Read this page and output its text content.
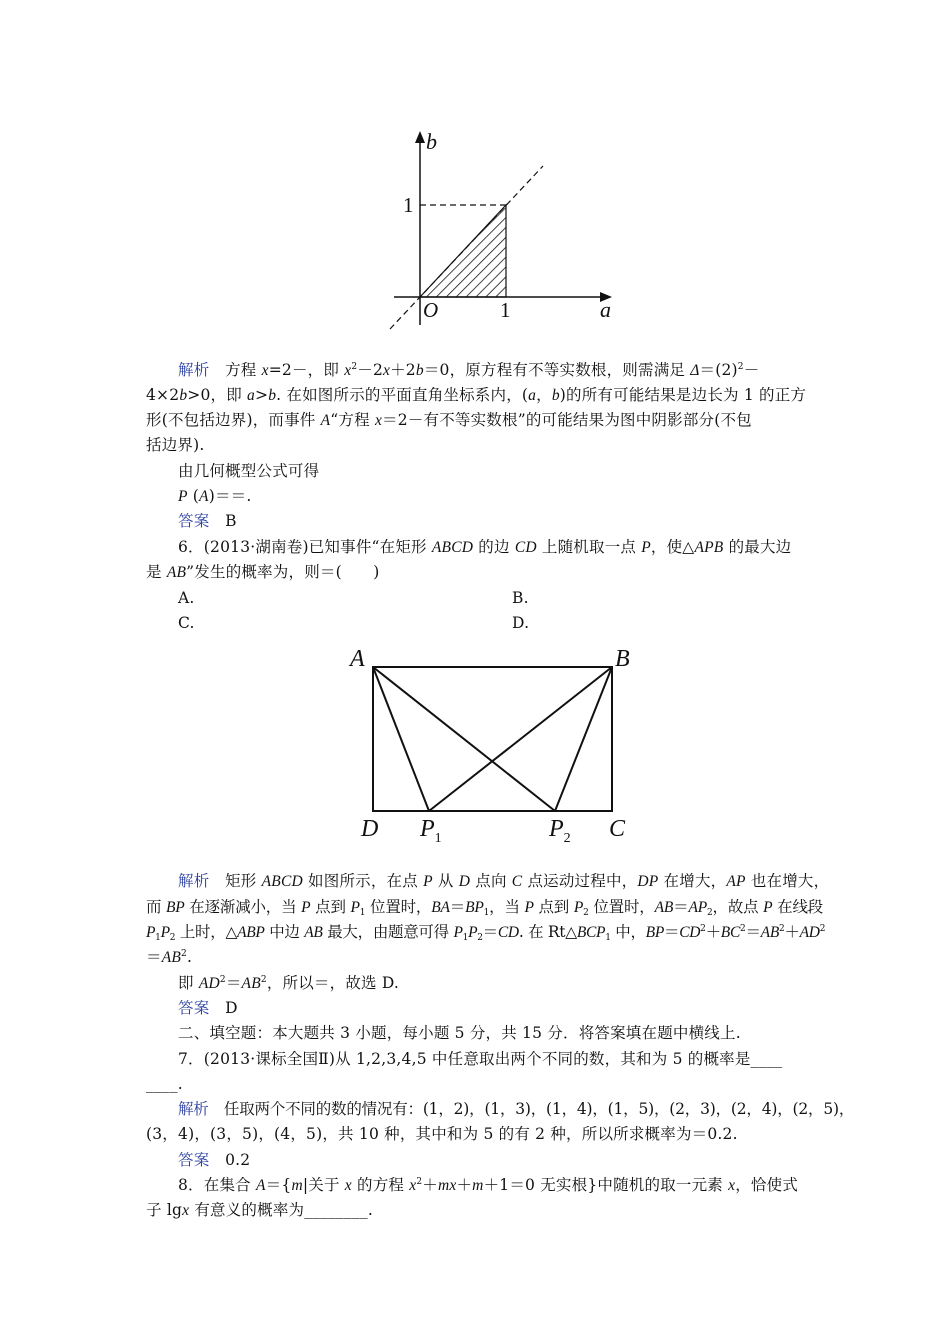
b
a
O
1
1
解析　 方程 x=2－，即 $x^2-2x+2b=0$，原方程有不等实数根，则需满足 $\Delta=(2)^2-$
4×2b>0，即 a>b. 在如图所示的平面直角坐标系内，(a，b)的所有可能结果是边长为 1 的正方
形(不包括边界)，而事件 A“方程 x＝2－有不等实数根”的可能结果为图中阴影部分(不包
括边界).
由几何概型公式可得
P (A)＝＝.
答案　 B
6．(2013·湖南卷)已知事件“在矩形 ABCD 的边 CD 上随机取一点 P，使△APB 的最大边
是 AB”发生的概率为，则＝(　　)
A.	B.
C.	D.
A	B
D	C
$P_1$	$P_2$
解析　 矩形 ABCD 如图所示，在点 P 从 D 点向 C 点运动过程中，DP 在增大，AP 也在增大，
而 BP 在逐渐减小，当 P 点到 $P_1$ 位置时，$BA=BP_1$，当 P 点到 $P_2$ 位置时，$AB=AP_2$，故点 P 在线段
$P_1P_2$ 上时，△ABP 中边 AB 最大，由题意可得 $P_1P_2=CD$. 在 $Rt\triangle BCP_1$ 中，$BP=CD^2+BC^2=AB^2+AD^2$
$=AB^2$.
即 $AD^2=AB^2$，所以＝，故选 D.
答案　 D
二、填空题：本大题共 3 小题，每小题 5 分，共 15 分．将答案填在题中横线上.
7．(2013·课标全国Ⅱ)从 1,2,3,4,5 中任意取出两个不同的数，其和为 5 的概率是____
____.
解析　 任取两个不同的数的情况有：(1，2)，(1，3)，(1，4)，(1，5)，(2，3)，(2，4)，(2，5)，
(3，4)，(3，5)，(4，5)，共 10 种，其中和为 5 的有 2 种，所以所求概率为＝0.2.
答案　 0.2
8．在集合 A＝{m|关于 x 的方程 $x^2+mx+m+1=0$ 无实根}中随机的取一元素 x，恰使式
子 lgx 有意义的概率为________.
